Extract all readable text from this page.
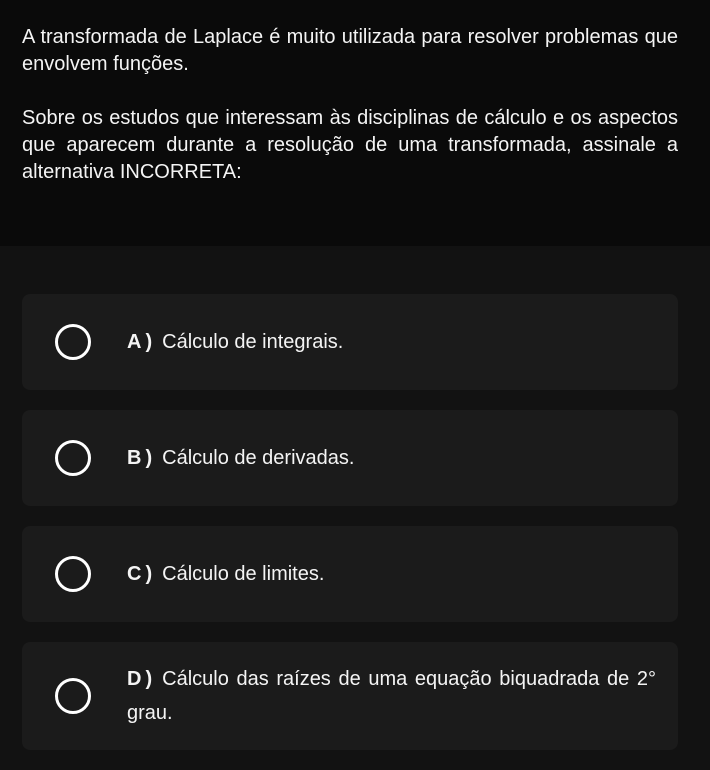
A transformada de Laplace é muito utilizada para resolver problemas que envolvem funções.

Sobre os estudos que interessam às disciplinas de cálculo e os aspectos que aparecem durante a resolução de uma transformada, assinale a alternativa INCORRETA:

A ) Cálculo de integrais.
B ) Cálculo de derivadas.
C ) Cálculo de limites.
D ) Cálculo das raízes de uma equação biquadrada de 2° grau.
